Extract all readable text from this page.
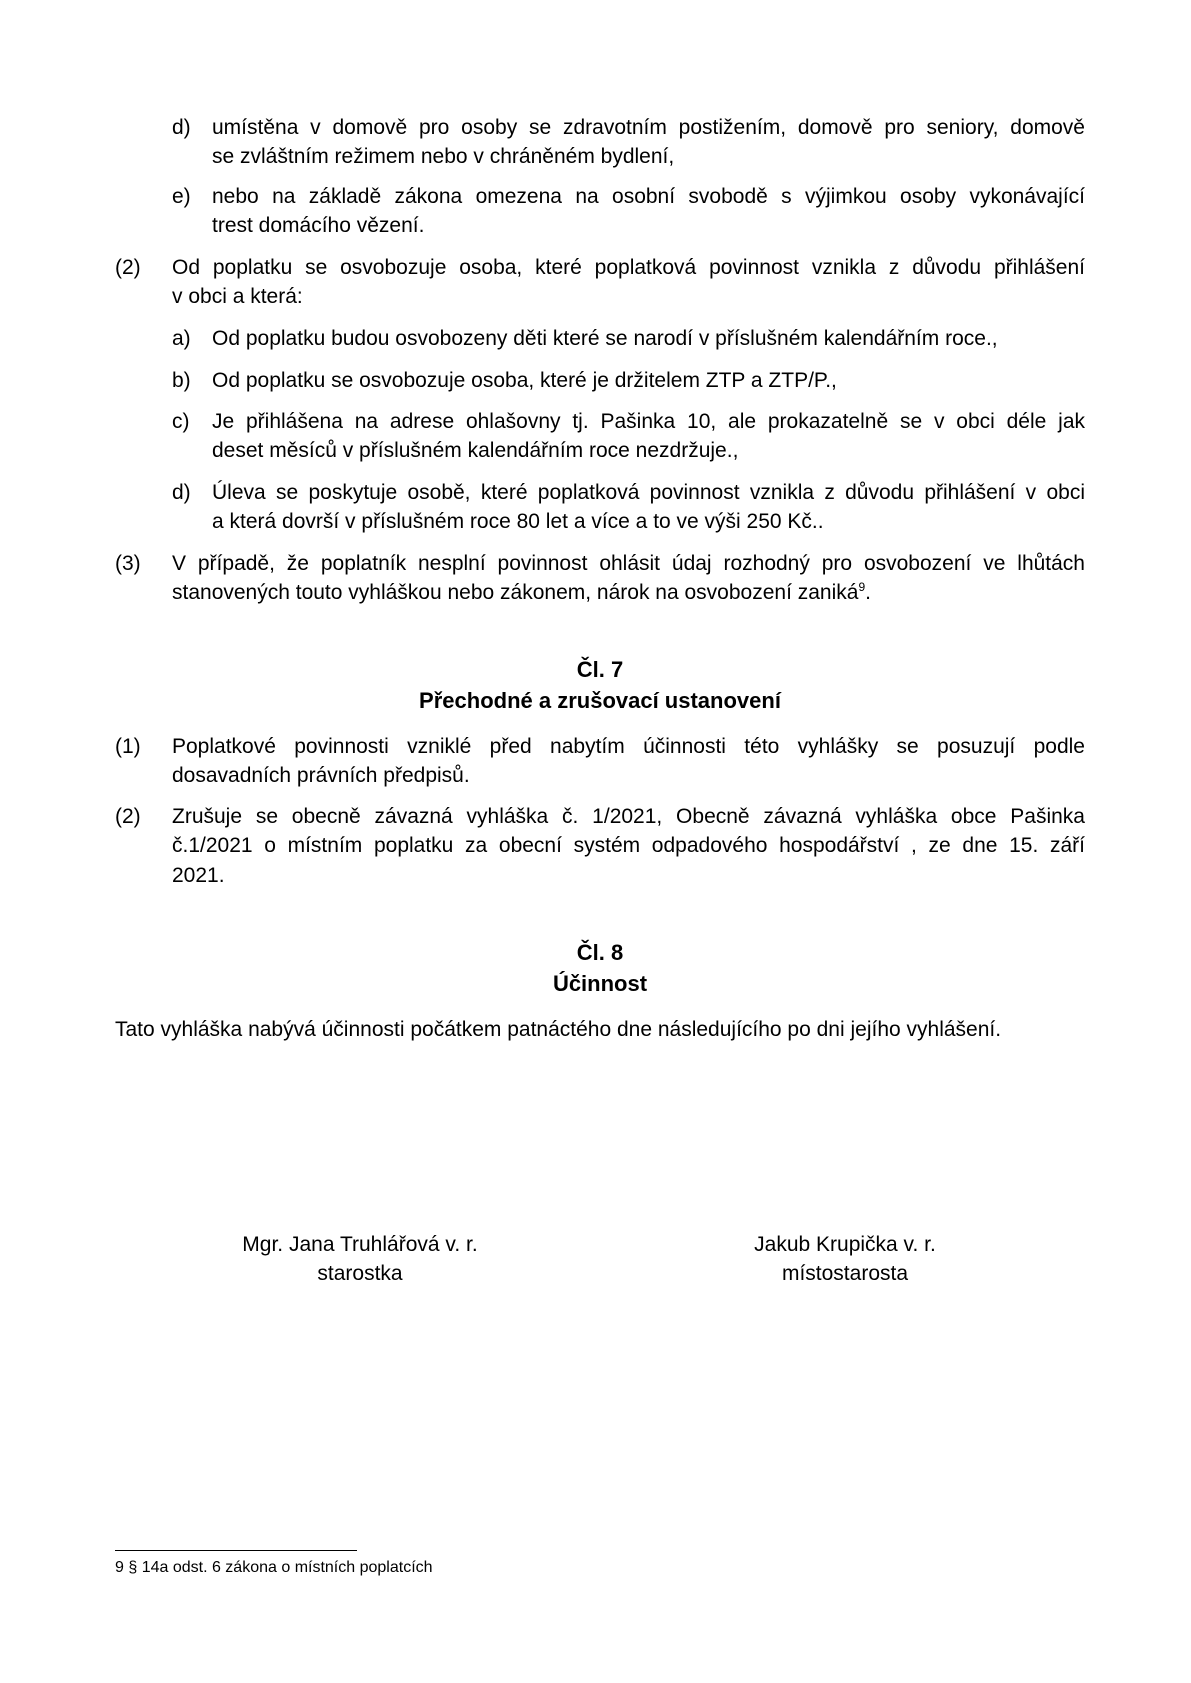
d) umístěna v domově pro osoby se zdravotním postižením, domově pro seniory, domově
se zvláštním režimem nebo v chráněném bydlení,
e) nebo na základě zákona omezena na osobní svobodě s výjimkou osoby vykonávající
trest domácího vězení.
(2) Od poplatku se osvobozuje osoba, které poplatková povinnost vznikla z důvodu přihlášení
v obci a která:
a) Od poplatku budou osvobozeny děti které se narodí v příslušném kalendářním roce.,
b) Od poplatku se osvobozuje osoba, které je držitelem ZTP a ZTP/P.,
c) Je přihlášena na adrese ohlašovny tj. Pašinka 10, ale prokazatelně se v obci déle jak
deset měsíců v příslušném kalendářním roce nezdržuje.,
d) Úleva se poskytuje osobě, které poplatková povinnost vznikla z důvodu přihlášení v obci
a která dovrší v příslušném roce 80 let a více a to ve výši 250 Kč..
(3) V případě, že poplatník nesplní povinnost ohlásit údaj rozhodný pro osvobození ve lhůtách
stanovených touto vyhláškou nebo zákonem, nárok na osvobození zaniká$^9$.
Čl. 7
Přechodné a zrušovací ustanovení
(1) Poplatkové povinnosti vzniklé před nabytím účinnosti této vyhlášky se posuzují podle
dosavadních právních předpisů.
(2) Zrušuje se obecně závazná vyhláška č. 1/2021, Obecně závazná vyhláška obce Pašinka
č.1/2021 o místním poplatku za obecní systém odpadového hospodářství , ze dne 15. září
2021.
Čl. 8
Účinnost
Tato vyhláška nabývá účinnosti počátkem patnáctého dne následujícího po dni jejího vyhlášení.
Mgr. Jana Truhlářová v. r.
starostka
Jakub Krupička v. r.
místostarosta
9 § 14a odst. 6 zákona o místních poplatcích
